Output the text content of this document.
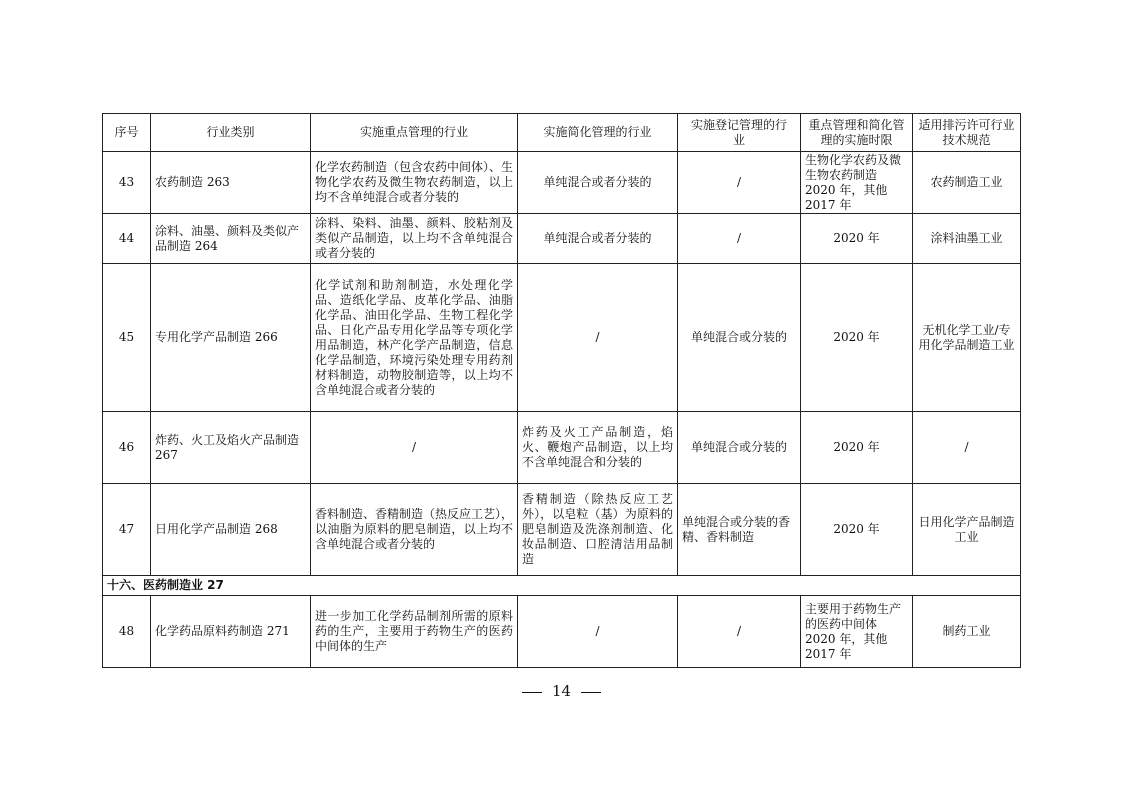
序号	行业类别	实施重点管理的行业	实施简化管理的行业	实施登记管理的行　　业	重点管理和简化管理的实施时限	适用排污许可行业技术规范
43	农药制造 263	化学农药制造（包含农药中间体）、生物化学农药及微生物农药制造，以上均不含单纯混合或者分装的	单纯混合或者分装的	/	生物化学农药及微生物农药制造 2020 年，其他 2017 年	农药制造工业
44	涂料、油墨、颜料及类似产品制造 264	涂料、染料、油墨、颜料、胶粘剂及类似产品制造，以上均不含单纯混合或者分装的	单纯混合或者分装的	/	2020 年	涂料油墨工业
45	专用化学产品制造 266	化学试剂和助剂制造，水处理化学品、造纸化学品、皮革化学品、油脂化学品、油田化学品、生物工程化学品、日化产品专用化学品等专项化学用品制造，林产化学产品制造，信息化学品制造，环境污染处理专用药剂材料制造，动物胶制造等，以上均不含单纯混合或者分装的	/	单纯混合或分装的	2020 年	无机化学工业/专用化学品制造工业
46	炸药、火工及焰火产品制造 267	/	炸药及火工产品制造，焰火、鞭炮产品制造，以上均不含单纯混合和分装的	单纯混合或分装的	2020 年	/
47	日用化学产品制造 268	香料制造、香精制造（热反应工艺），以油脂为原料的肥皂制造，以上均不含单纯混合或者分装的	香精制造（除热反应工艺外），以皂粒（基）为原料的肥皂制造及洗涤剂制造、化妆品制造、口腔清洁用品制造	单纯混合或分装的香精、香料制造	2020 年	日用化学产品制造工业
十六、医药制造业 27						
48	化学药品原料药制造 271	进一步加工化学药品制剂所需的原料药的生产，主要用于药物生产的医药中间体的生产	/	/	主要用于药物生产的医药中间体 2020 年，其他 2017 年	制药工业
14
